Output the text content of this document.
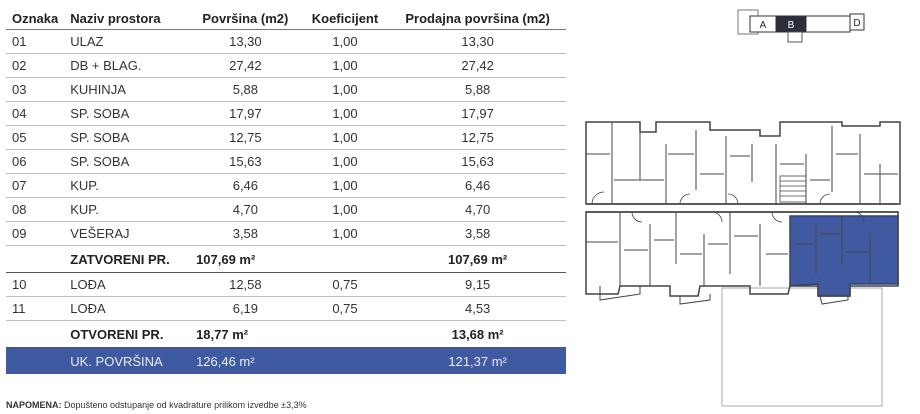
Oznaka	Naziv prostora	Površina (m2)	Koeficijent	Prodajna površina (m2)
01	ULAZ	13,30	1,00	13,30
02	DB + BLAG.	27,42	1,00	27,42
03	KUHINJA	5,88	1,00	5,88
04	SP. SOBA	17,97	1,00	17,97
05	SP. SOBA	12,75	1,00	12,75
06	SP. SOBA	15,63	1,00	15,63
07	KUP.	6,46	1,00	6,46
08	KUP.	4,70	1,00	4,70
09	VEŠERAJ	3,58	1,00	3,58
	ZATVORENI PR.	107,69 m²		107,69 m²
10	LOĐA	12,58	0,75	9,15
11	LOĐA	6,19	0,75	4,53
	OTVORENI PR.	18,77 m²		13,68 m²
	UK. POVRŠINA	126,46 m²		121,37 m²
NAPOMENA: Dopušteno odstupanje od kvadrature prilikom izvedbe ±3,3%
A B	D
